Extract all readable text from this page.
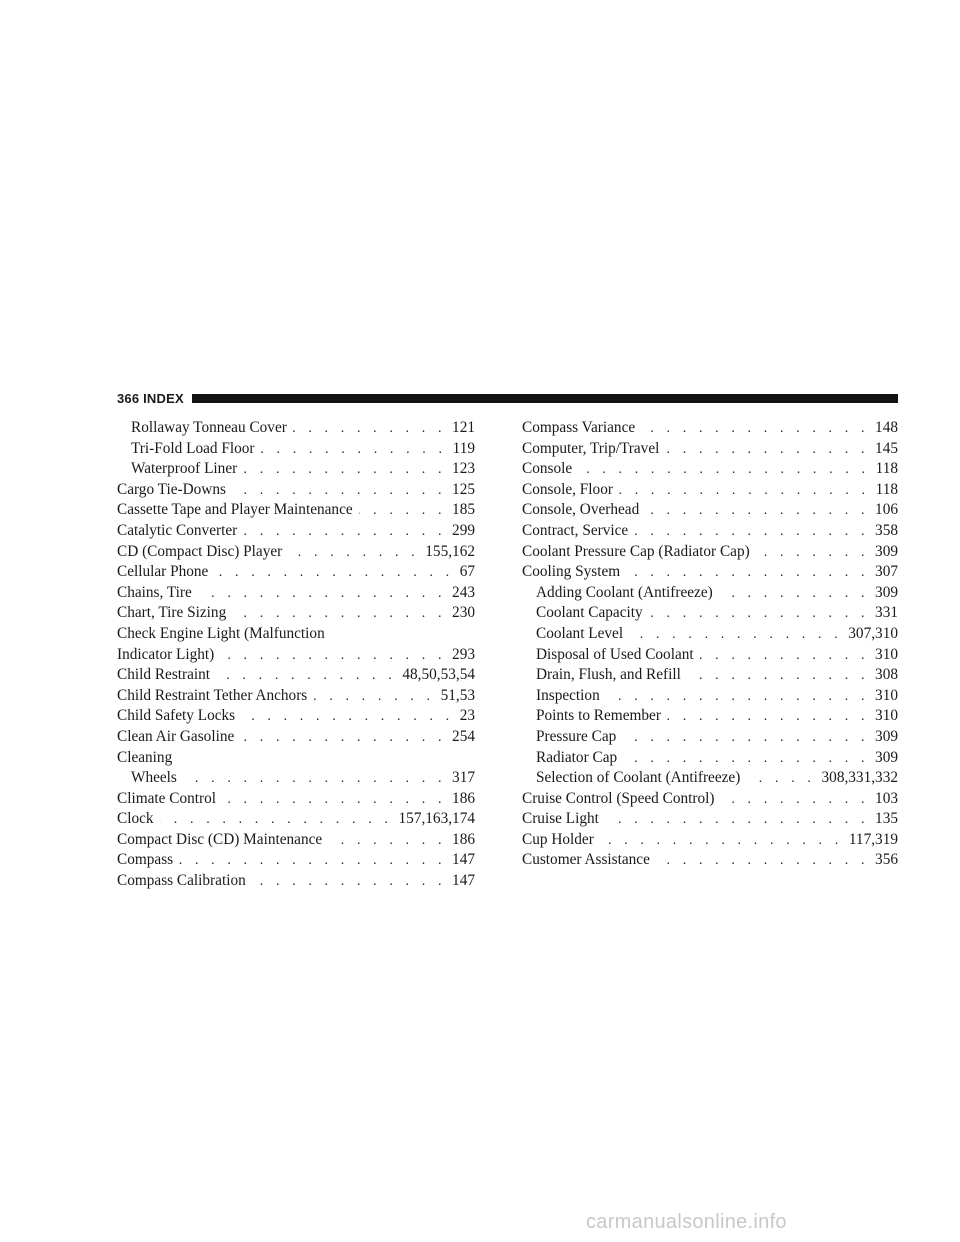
366 INDEX
Rollaway Tonneau Cover . . .	121
Tri-Fold Load Floor . . .	119
Waterproof Liner . . .	123
Cargo Tie-Downs . . .	125
Cassette Tape and Player Maintenance . . .	185
Catalytic Converter . . .	299
CD (Compact Disc) Player . . .	155,162
Cellular Phone . . .	67
Chains, Tire . . .	243
Chart, Tire Sizing . . .	230
Check Engine Light (Malfunction
Indicator Light) . . .	293
Child Restraint . . .	48,50,53,54
Child Restraint Tether Anchors . . .	51,53
Child Safety Locks . . .	23
Clean Air Gasoline . . .	254
Cleaning
Wheels . . .	317
Climate Control . . .	186
Clock . . .	157,163,174
Compact Disc (CD) Maintenance . . .	186
Compass . . .	147
Compass Calibration . . .	147
Compass Variance . . .	148
Computer, Trip/Travel . . .	145
Console . . .	118
Console, Floor . . .	118
Console, Overhead . . .	106
Contract, Service . . .	358
Coolant Pressure Cap (Radiator Cap) . . .	309
Cooling System . . .	307
Adding Coolant (Antifreeze) . . .	309
Coolant Capacity . . .	331
Coolant Level . . .	307,310
Disposal of Used Coolant . . .	310
Drain, Flush, and Refill . . .	308
Inspection . . .	310
Points to Remember . . .	310
Pressure Cap . . .	309
Radiator Cap . . .	309
Selection of Coolant (Antifreeze) . . .	308,331,332
Cruise Control (Speed Control) . . .	103
Cruise Light . . .	135
Cup Holder . . .	117,319
Customer Assistance . . .	356
carmanualsonline.info
